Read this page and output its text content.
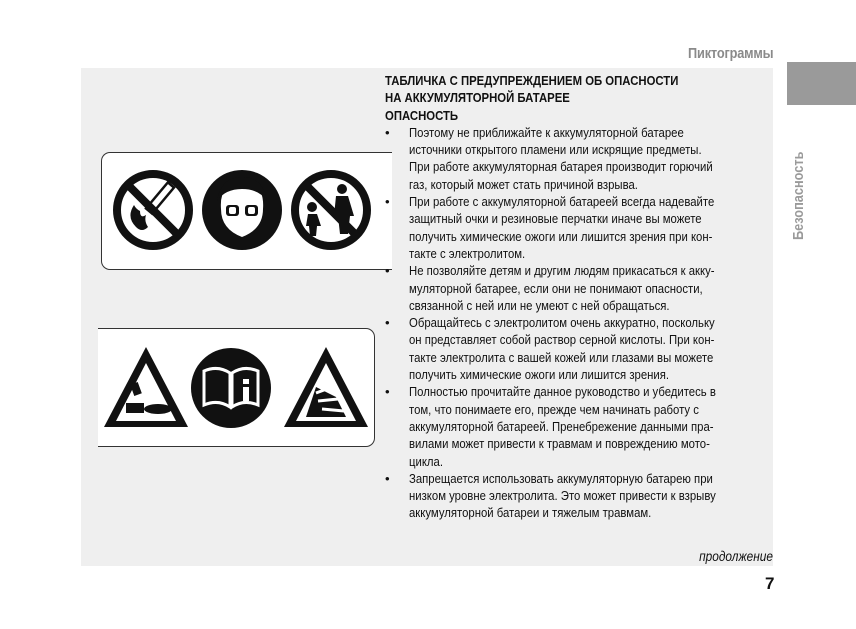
Пиктограммы
Безопасность
ТАБЛИЧКА С ПРЕДУПРЕЖДЕНИЕМ ОБ ОПАСНОСТИ
НА АККУМУЛЯТОРНОЙ БАТАРЕЕ
ОПАСНОСТЬ
• Поэтому не приближайте к аккумуляторной батарее
источники открытого пламени или искрящие предметы.
При работе аккумуляторная батарея производит горючий
газ, который может стать причиной взрыва.
• При работе с аккумуляторной батареей всегда надевайте
защитный очки и резиновые перчатки иначе вы можете
получить химические ожоги или лишится зрения при кон-
такте с электролитом.
• Не позволяйте детям и другим людям прикасаться к акку-
муляторной батарее, если они не понимают опасности,
связанной с ней или не умеют с ней обращаться.
• Обращайтесь с электролитом очень аккуратно, поскольку
он представляет собой раствор серной кислоты. При кон-
такте электролита с вашей кожей или глазами вы можете
получить химические ожоги или лишится зрения.
• Полностью прочитайте данное руководство и убедитесь в
том, что понимаете его, прежде чем начинать работу с
аккумуляторной батареей. Пренебрежение данными пра-
вилами может привести к травмам и повреждению мото-
цикла.
• Запрещается использовать аккумуляторную батарею при
низком уровне электролита. Это может привести к взрыву
аккумуляторной батареи и тяжелым травмам.
продолжение
7
